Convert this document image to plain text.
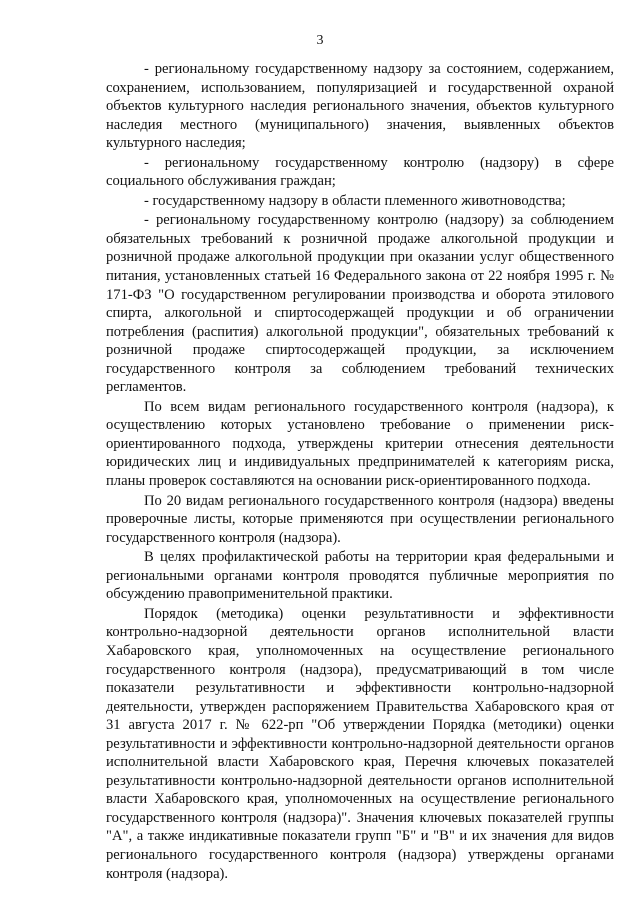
3

- региональному государственному надзору за состоянием, содержанием, сохранением, использованием, популяризацией и государственной охраной объектов культурного наследия регионального значения, объектов культурного наследия местного (муниципального) значения, выявленных объектов культурного наследия;

- региональному государственному контролю (надзору) в сфере социального обслуживания граждан;

- государственному надзору в области племенного животноводства;

- региональному государственному контролю (надзору) за соблюдением обязательных требований к розничной продаже алкогольной продукции и розничной продаже алкогольной продукции при оказании услуг общественного питания, установленных статьей 16 Федерального закона от 22 ноября 1995 г. № 171-ФЗ "О государственном регулировании производства и оборота этилового спирта, алкогольной и спиртосодержащей продукции и об ограничении потребления (распития) алкогольной продукции", обязательных требований к розничной продаже спиртосодержащей продукции, за исключением государственного контроля за соблюдением требований технических регламентов.

По всем видам регионального государственного контроля (надзора), к осуществлению которых установлено требование о применении риск-ориентированного подхода, утверждены критерии отнесения деятельности юридических лиц и индивидуальных предпринимателей к категориям риска, планы проверок составляются на основании риск-ориентированного подхода.

По 20 видам регионального государственного контроля (надзора) введены проверочные листы, которые применяются при осуществлении регионального государственного контроля (надзора).

В целях профилактической работы на территории края федеральными и региональными органами контроля проводятся публичные мероприятия по обсуждению правоприменительной практики.

Порядок (методика) оценки результативности и эффективности контрольно-надзорной деятельности органов исполнительной власти Хабаровского края, уполномоченных на осуществление регионального государственного контроля (надзора), предусматривающий в том числе показатели результативности и эффективности контрольно-надзорной деятельности, утвержден распоряжением Правительства Хабаровского края от 31 августа 2017 г. № 622-рп "Об утверждении Порядка (методики) оценки результативности и эффективности контрольно-надзорной деятельности органов исполнительной власти Хабаровского края, Перечня ключевых показателей результативности контрольно-надзорной деятельности органов исполнительной власти Хабаровского края, уполномоченных на осуществление регионального государственного контроля (надзора)". Значения ключевых показателей группы "А", а также индикативные показатели групп "Б" и "В" и их значения для видов регионального государственного контроля (надзора) утверждены органами контроля (надзора).
